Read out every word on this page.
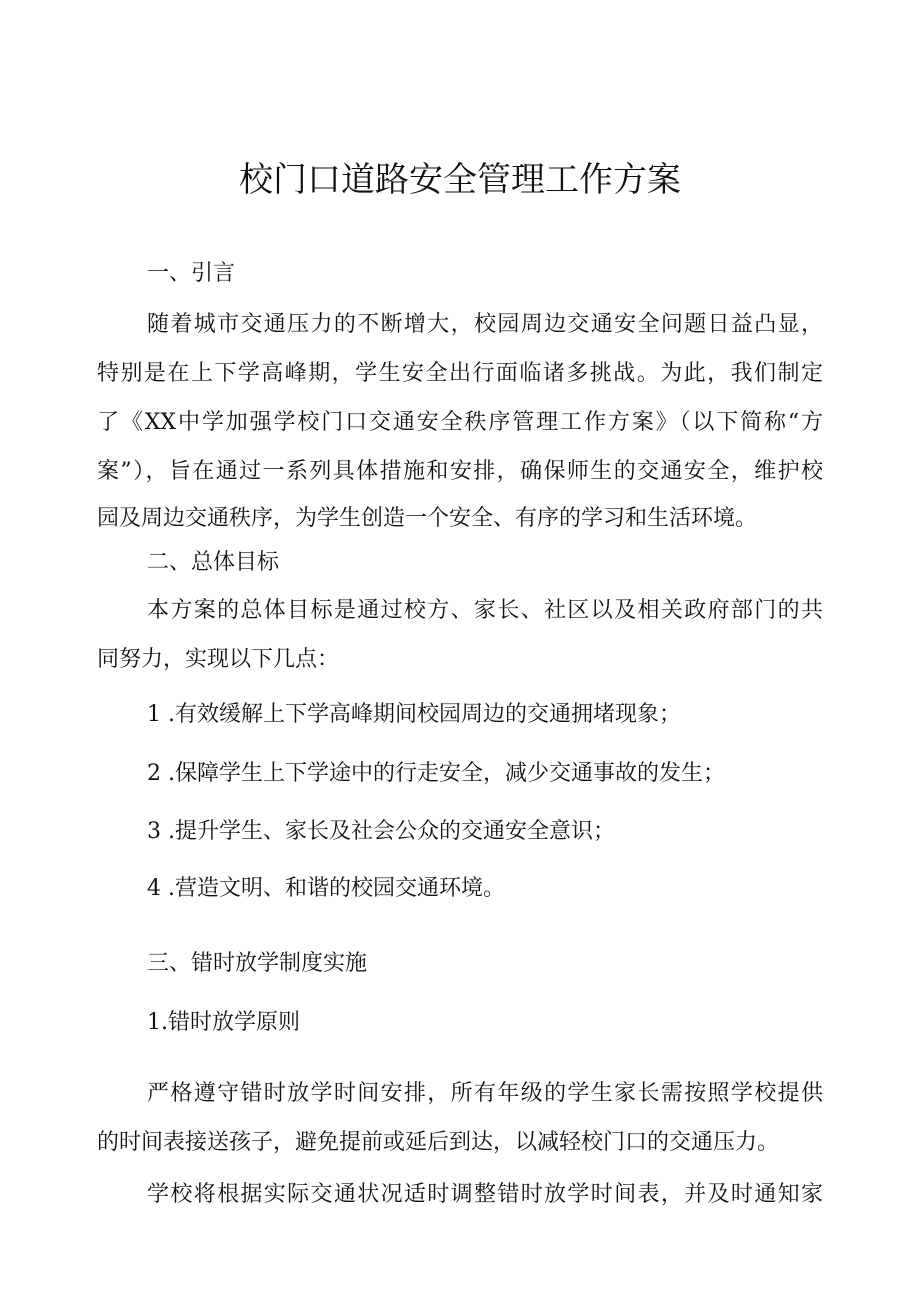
校门口道路安全管理工作方案

一、引言

随着城市交通压力的不断增大，校园周边交通安全问题日益凸显，

特别是在上下学高峰期，学生安全出行面临诸多挑战。为此，我们制定

了《XX中学加强学校门口交通安全秩序管理工作方案》（以下简称“方

案”），旨在通过一系列具体措施和安排，确保师生的交通安全，维护校

园及周边交通秩序，为学生创造一个安全、有序的学习和生活环境。

二、总体目标

本方案的总体目标是通过校方、家长、社区以及相关政府部门的共

同努力，实现以下几点：

1 .有效缓解上下学高峰期间校园周边的交通拥堵现象；

2 .保障学生上下学途中的行走安全，减少交通事故的发生；

3 .提升学生、家长及社会公众的交通安全意识；

4 .营造文明、和谐的校园交通环境。

三、错时放学制度实施

1.错时放学原则

严格遵守错时放学时间安排，所有年级的学生家长需按照学校提供

的时间表接送孩子，避免提前或延后到达，以减轻校门口的交通压力。

学校将根据实际交通状况适时调整错时放学时间表，并及时通知家
